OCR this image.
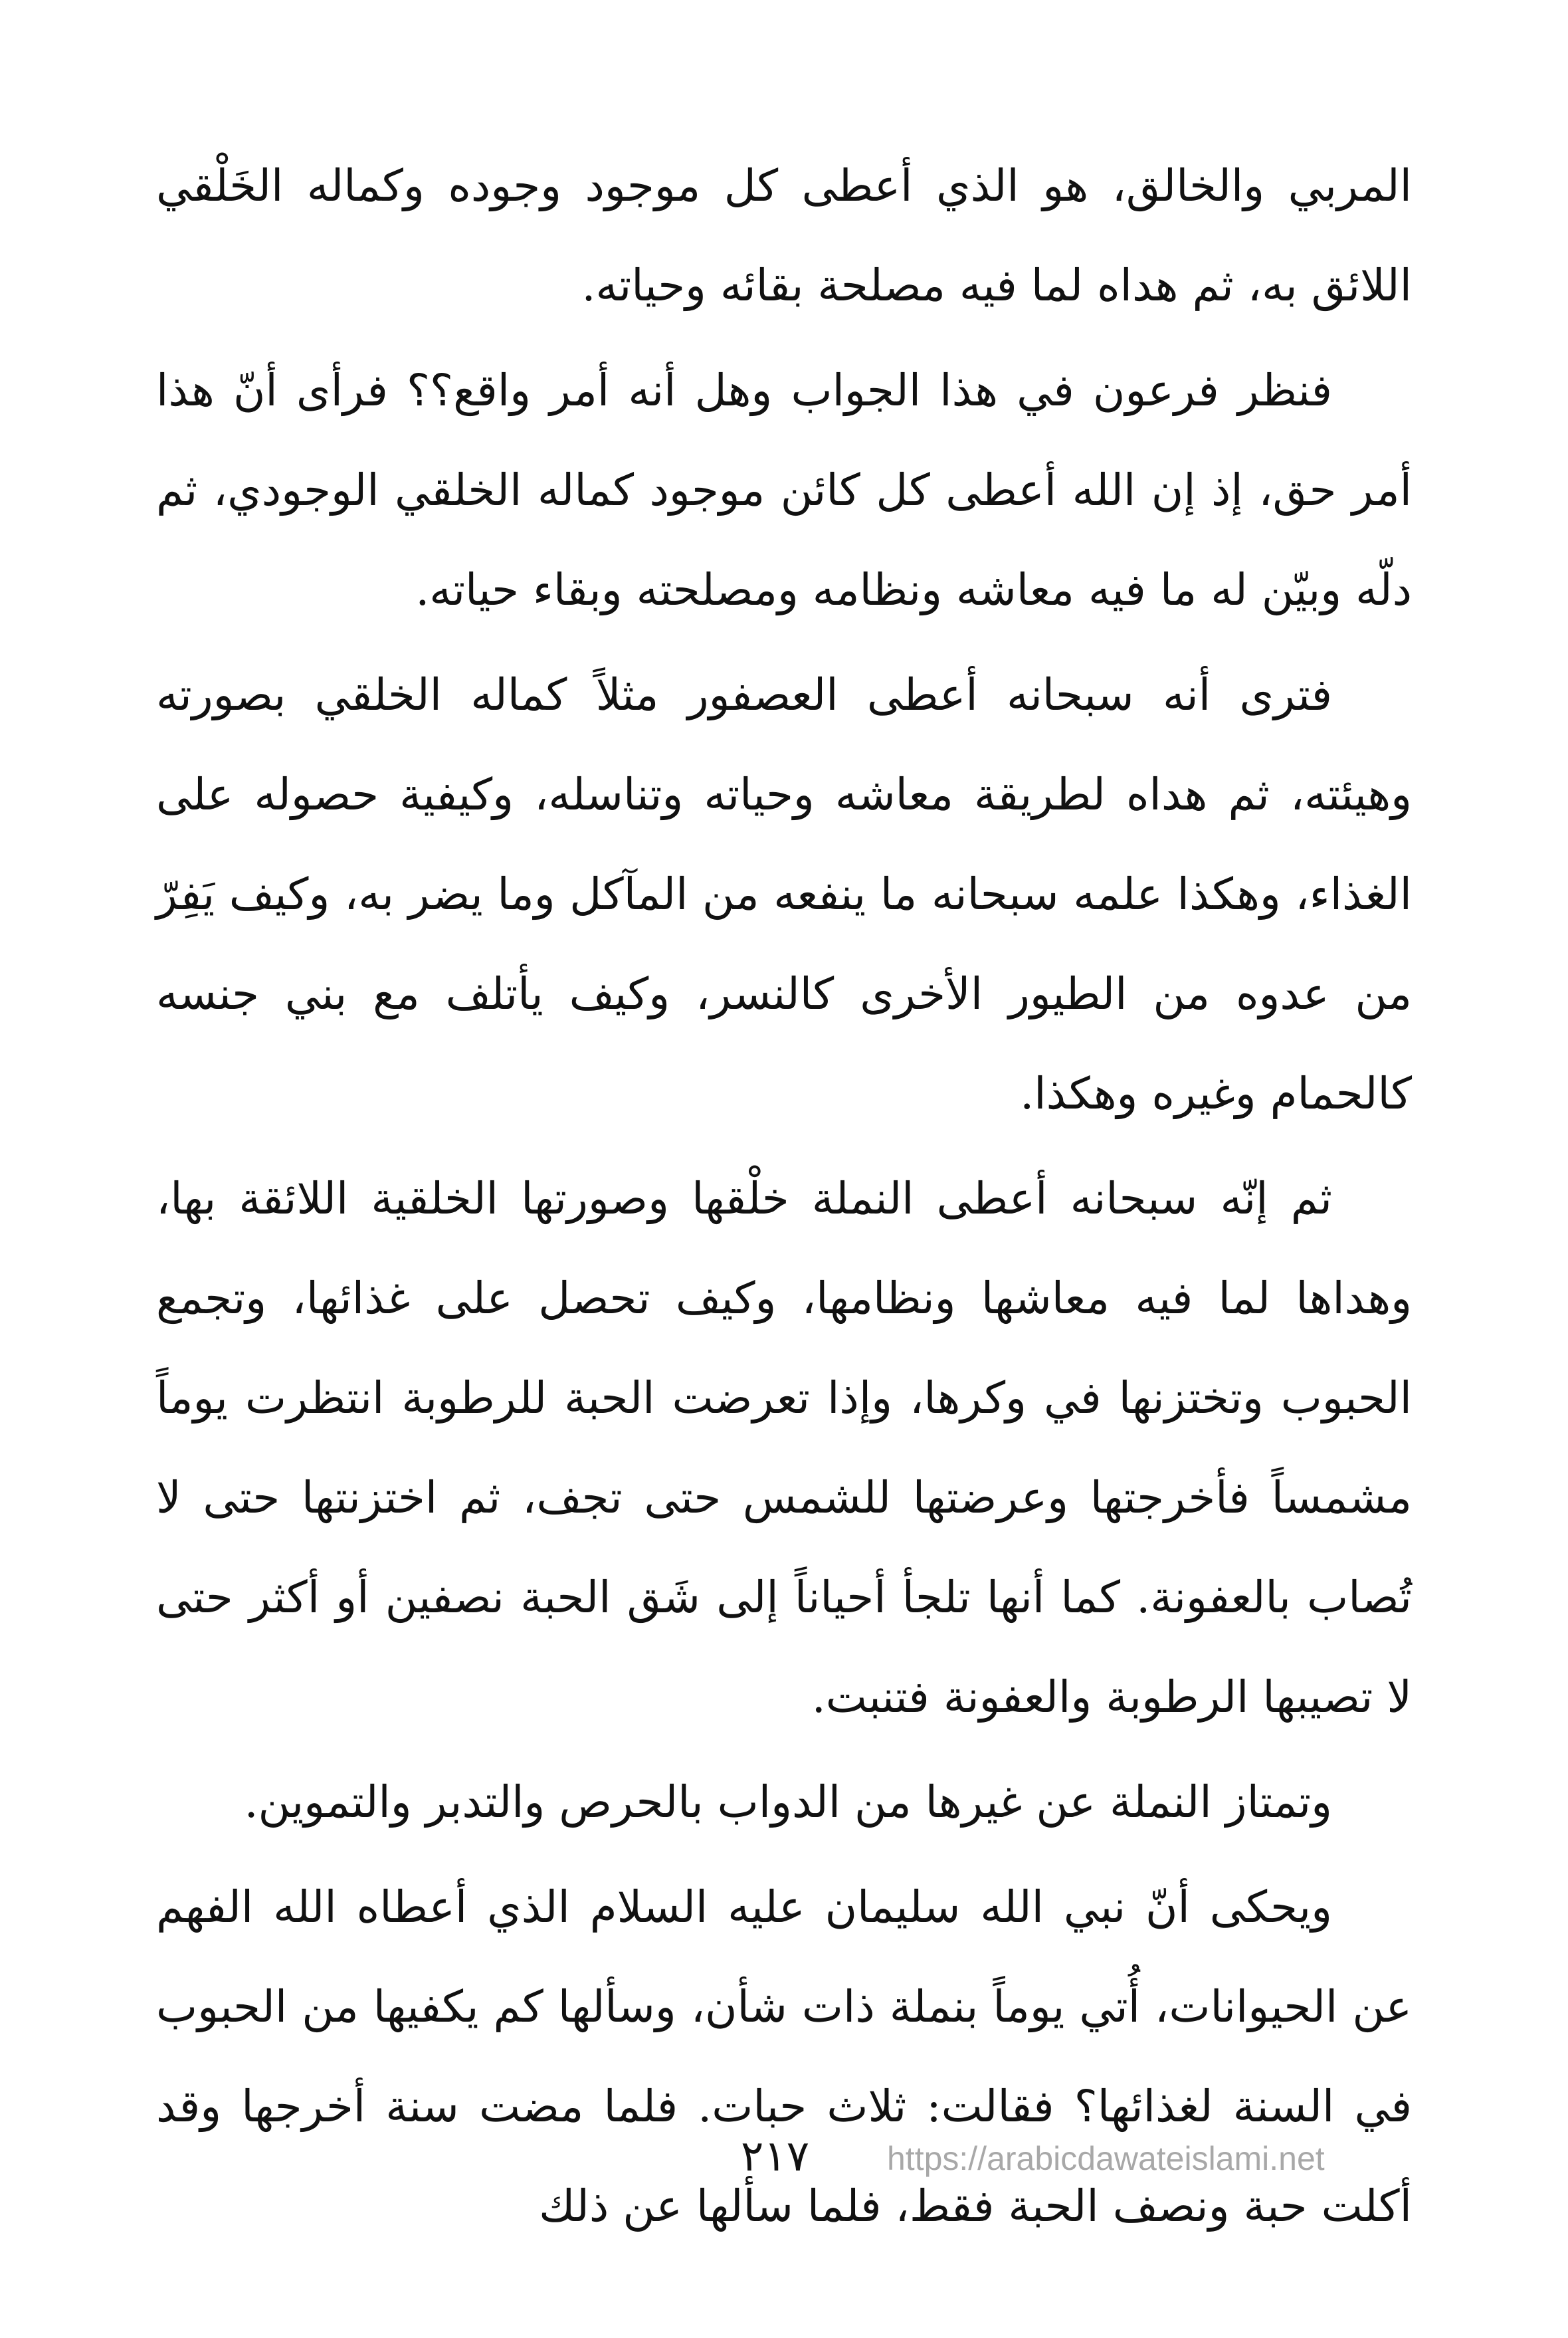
المربي والخالق، هو الذي أعطى كل موجود وجوده وكماله الخَلْقي اللائق به، ثم هداه لما فيه مصلحة بقائه وحياته.

فنظر فرعون في هذا الجواب وهل أنه أمر واقع؟؟ فرأى أنّ هذا أمر حق، إذ إن الله أعطى كل كائن موجود كماله الخلقي الوجودي، ثم دلّه وبيّن له ما فيه معاشه ونظامه ومصلحته وبقاء حياته.

فترى أنه سبحانه أعطى العصفور مثلاً كماله الخلقي بصورته وهيئته، ثم هداه لطريقة معاشه وحياته وتناسله، وكيفية حصوله على الغذاء، وهكذا علمه سبحانه ما ينفعه من المآكل وما يضر به، وكيف يَفِرّ من عدوه من الطيور الأخرى كالنسر، وكيف يأتلف مع بني جنسه كالحمام وغيره وهكذا.

ثم إنّه سبحانه أعطى النملة خلْقها وصورتها الخلقية اللائقة بها، وهداها لما فيه معاشها ونظامها، وكيف تحصل على غذائها، وتجمع الحبوب وتختزنها في وكرها، وإذا تعرضت الحبة للرطوبة انتظرت يوماً مشمساً فأخرجتها وعرضتها للشمس حتى تجف، ثم اختزنتها حتى لا تُصاب بالعفونة. كما أنها تلجأ أحياناً إلى شَق الحبة نصفين أو أكثر حتى لا تصيبها الرطوبة والعفونة فتنبت.

وتمتاز النملة عن غيرها من الدواب بالحرص والتدبر والتموين.

ويحكى أنّ نبي الله سليمان عليه السلام الذي أعطاه الله الفهم عن الحيوانات، أُتي يوماً بنملة ذات شأن، وسألها كم يكفيها من الحبوب في السنة لغذائها؟ فقالت: ثلاث حبات. فلما مضت سنة أخرجها وقد أكلت حبة ونصف الحبة فقط، فلما سألها عن ذلك

٢١٧ https://arabicdawateislami.net
